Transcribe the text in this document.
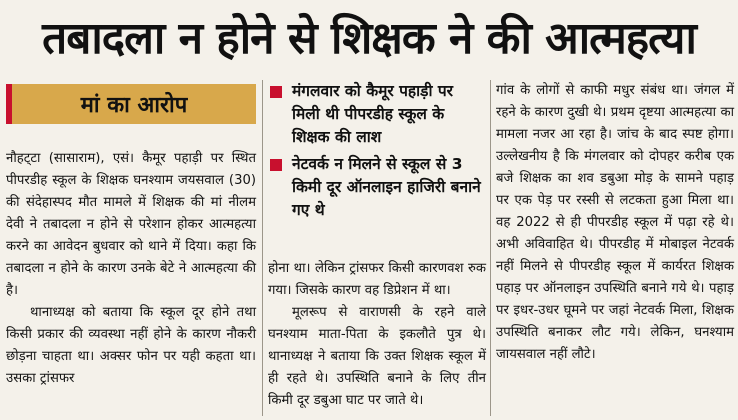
तबादला न होने से शिक्षक ने की आत्महत्या
मां का आरोप

नौहट्‌टा (सासाराम), एसं। कैमूर पहाड़ी पर स्थित पीपरडीह स्कूल के शिक्षक घनश्याम जयसवाल (30) की संदेहास्पद मौत मामले में शिक्षक की मां नीलम देवी ने तबादला न होने से परेशान होकर आत्महत्या करने का आवेदन बुधवार को थाने में दिया। कहा कि तबादला न होने के कारण उनके बेटे ने आत्महत्या की है।

थानाध्यक्ष को बताया कि स्कूल दूर होने तथा किसी प्रकार की व्यवस्था नहीं होने के कारण नौकरी छोड़ना चाहता था। अक्सर फोन पर यही कहता था। उसका ट्रांसफर

मंगलवार को कैमूर पहाड़ी पर मिली थी पीपरडीह स्कूल के शिक्षक की लाश
नेटवर्क न मिलने से स्कूल से 3 किमी दूर ऑनलाइन हाजिरी बनाने गए थे

होना था। लेकिन ट्रांसफर किसी कारणवश रुक गया। जिसके कारण वह डिप्रेशन में था।

मूलरूप से वाराणसी के रहने वाले घनश्याम माता-पिता के इकलौते पुत्र थे। थानाध्यक्ष ने बताया कि उक्त शिक्षक स्कूल में ही रहते थे। उपस्थिति बनाने के लिए तीन किमी दूर डबुआ घाट पर जाते थे।

गांव के लोगों से काफी मधुर संबंध था। जंगल में रहने के कारण दुखी थे। प्रथम दृष्टया आत्महत्या का मामला नजर आ रहा है। जांच के बाद स्पष्ट होगा। उल्लेखनीय है कि मंगलवार को दोपहर करीब एक बजे शिक्षक का शव डबुआ मोड़ के सामने पहाड़ पर एक पेड़ पर रस्सी से लटकता हुआ मिला था। वह 2022 से ही पीपरडीह स्कूल में पढ़ा रहे थे। अभी अविवाहित थे। पीपरडीह में मोबाइल नेटवर्क नहीं मिलने से पीपरडीह स्कूल में कार्यरत शिक्षक पहाड़ पर ऑनलाइन उपस्थिति बनाने गये थे। पहाड़ पर इधर-उधर घूमने पर जहां नेटवर्क मिला, शिक्षक उपस्थिति बनाकर लौट गये। लेकिन, घनश्याम जायसवाल नहीं लौटे।
